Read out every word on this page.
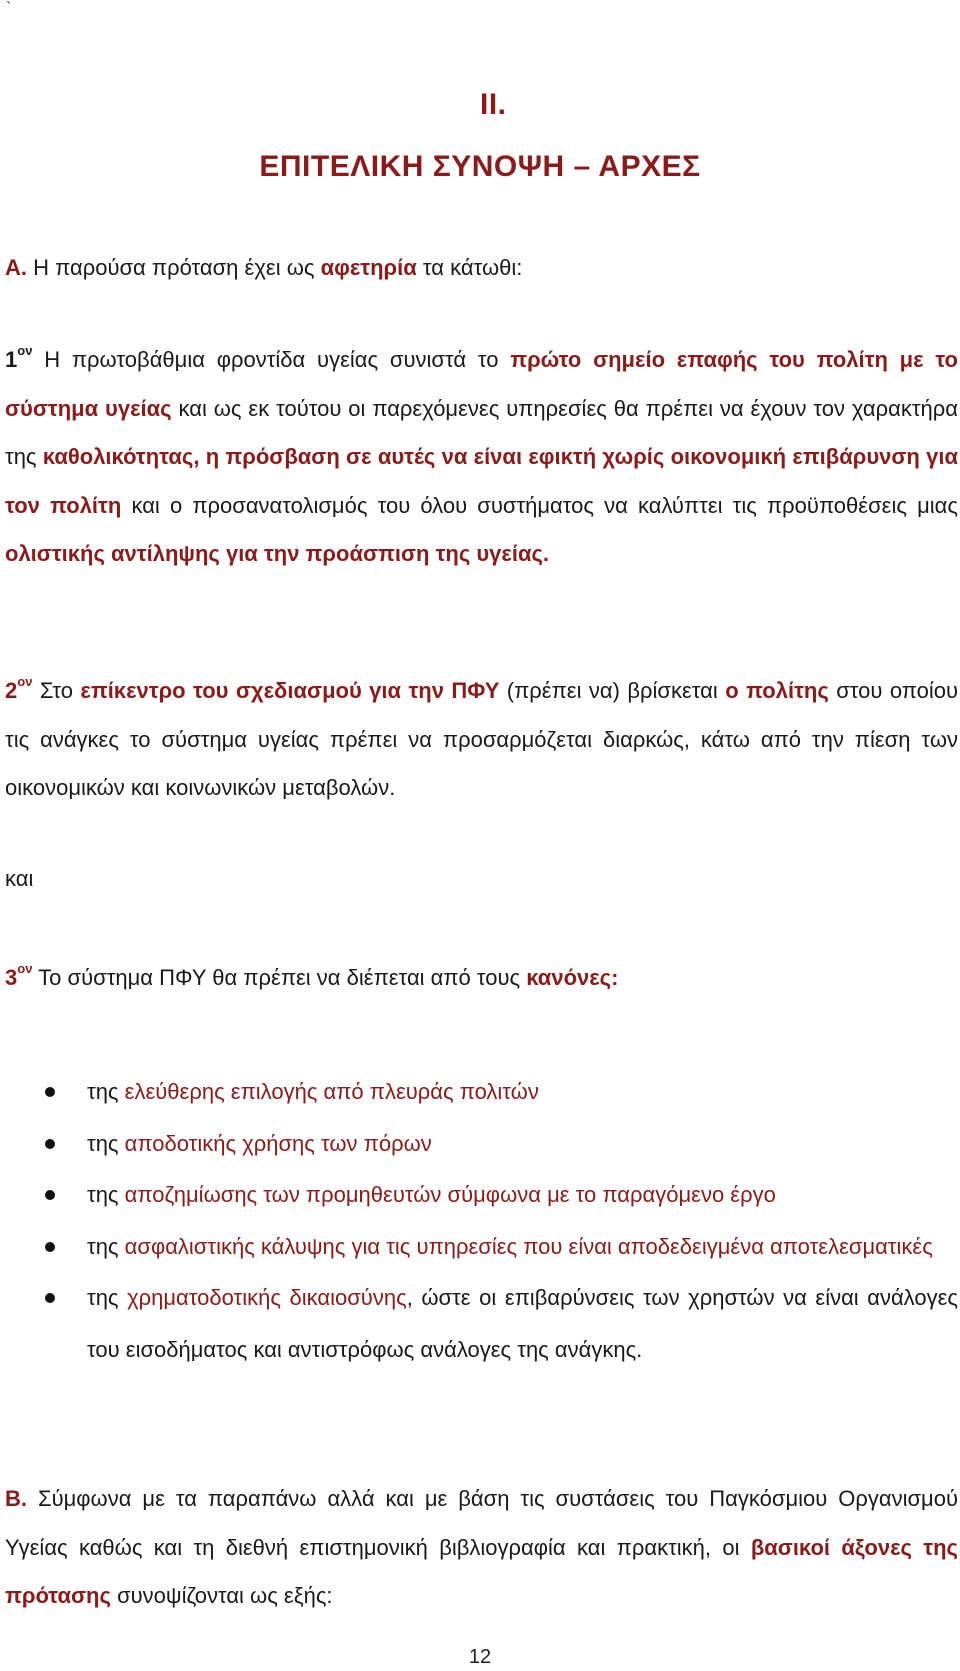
`
II.
ΕΠΙΤΕΛΙΚΗ ΣΥΝΟΨΗ – ΑΡΧΕΣ
Α. Η παρούσα πρόταση έχει ως αφετηρία τα κάτωθι:
$1^{o\nu}$ Η πρωτοβάθμια φροντίδα υγείας συνιστά το πρώτο σημείο επαφής του πολίτη με το σύστημα υγείας και ως εκ τούτου οι παρεχόμενες υπηρεσίες θα πρέπει να έχουν τον χαρακτήρα της καθολικότητας, η πρόσβαση σε αυτές να είναι εφικτή χωρίς οικονομική επιβάρυνση για τον πολίτη και ο προσανατολισμός του όλου συστήματος να καλύπτει τις προϋποθέσεις μιας ολιστικής αντίληψης για την προάσπιση της υγείας.
$2^{o\nu}$ Στο επίκεντρο του σχεδιασμού για την ΠΦΥ (πρέπει να) βρίσκεται ο πολίτης στου οποίου τις ανάγκες το σύστημα υγείας πρέπει να προσαρμόζεται διαρκώς, κάτω από την πίεση των οικονομικών και κοινωνικών μεταβολών.
και
$3^{o\nu}$ Το σύστημα ΠΦΥ θα πρέπει να διέπεται από τους κανόνες:
της ελεύθερης επιλογής από πλευράς πολιτών
της αποδοτικής χρήσης των πόρων
της αποζημίωσης των προμηθευτών σύμφωνα με το παραγόμενο έργο
της ασφαλιστικής κάλυψης για τις υπηρεσίες που είναι αποδεδειγμένα αποτελεσματικές
της χρηματοδοτικής δικαιοσύνης, ώστε οι επιβαρύνσεις των χρηστών να είναι ανάλογες του εισοδήματος και αντιστρόφως ανάλογες της ανάγκης.
Β. Σύμφωνα με τα παραπάνω αλλά και με βάση τις συστάσεις του Παγκόσμιου Οργανισμού Υγείας καθώς και τη διεθνή επιστημονική βιβλιογραφία και πρακτική, οι βασικοί άξονες της πρότασης συνοψίζονται ως εξής:
12
